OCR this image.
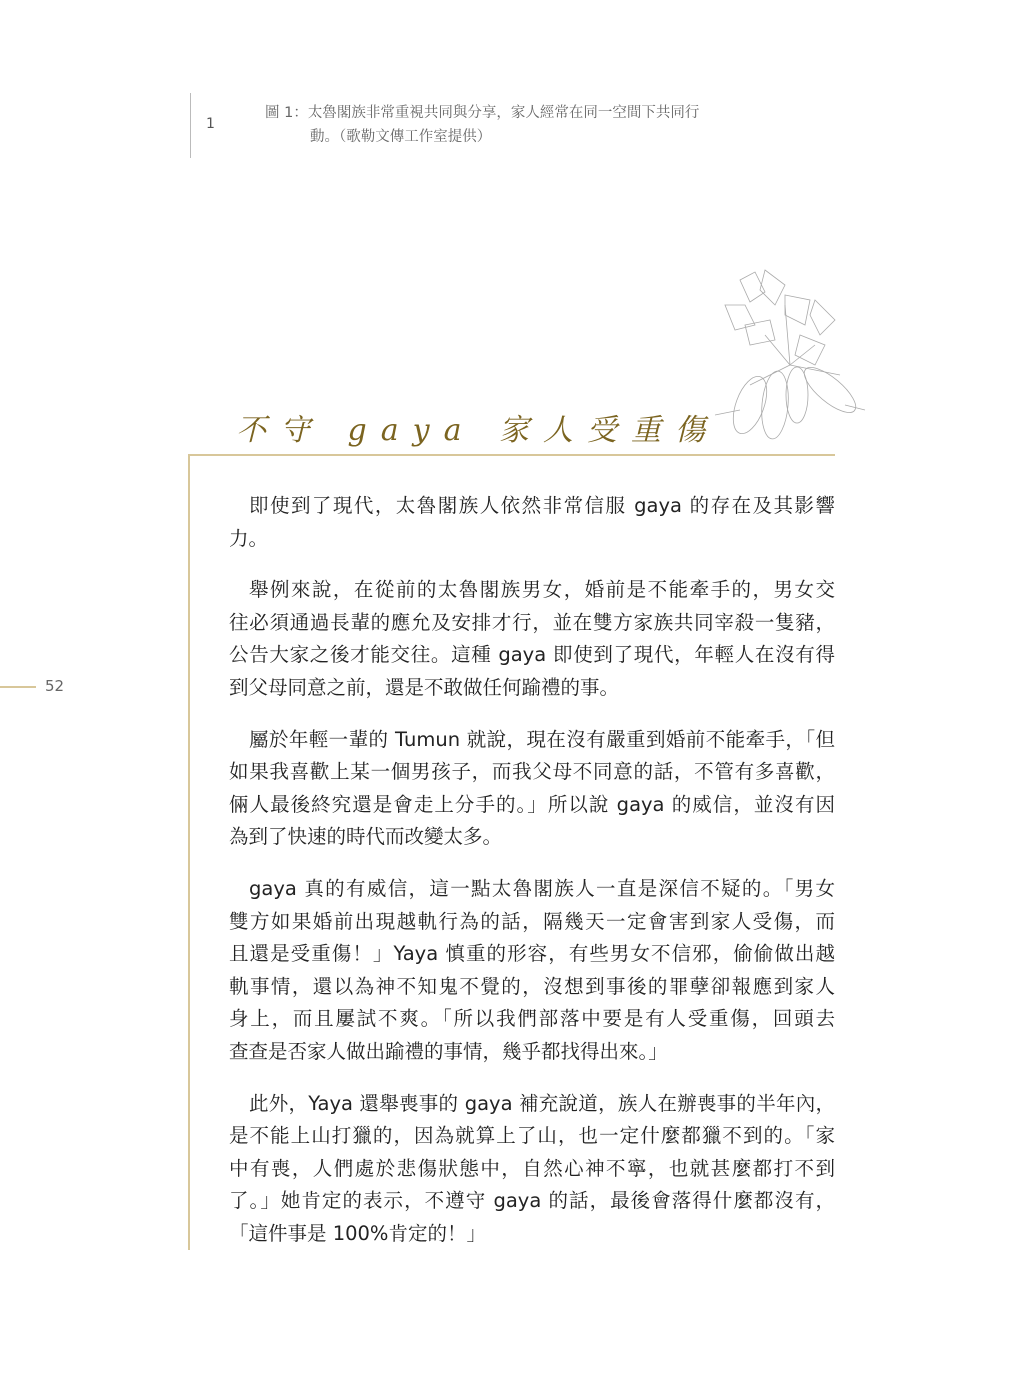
1
圖 1：太魯閣族非常重視共同與分享，家人經常在同一空間下共同行
動。（歌勒文傳工作室提供）
不守 gaya 家人受重傷
52
即使到了現代，太魯閣族人依然非常信服 gaya 的存在及其影響
力。
舉例來說，在從前的太魯閣族男女，婚前是不能牽手的，男女交
往必須通過長輩的應允及安排才行，並在雙方家族共同宰殺一隻豬，
公告大家之後才能交往。這種 gaya 即使到了現代，年輕人在沒有得
到父母同意之前，還是不敢做任何踰禮的事。
屬於年輕一輩的 Tumun 就說，現在沒有嚴重到婚前不能牽手，「但
如果我喜歡上某一個男孩子，而我父母不同意的話，不管有多喜歡，
倆人最後終究還是會走上分手的。」所以說 gaya 的威信，並沒有因
為到了快速的時代而改變太多。
gaya 真的有威信，這一點太魯閣族人一直是深信不疑的。「男女
雙方如果婚前出現越軌行為的話，隔幾天一定會害到家人受傷，而
且還是受重傷！」Yaya 慎重的形容，有些男女不信邪，偷偷做出越
軌事情，還以為神不知鬼不覺的，沒想到事後的罪孽卻報應到家人
身上，而且屢試不爽。「所以我們部落中要是有人受重傷，回頭去
查查是否家人做出踰禮的事情，幾乎都找得出來。」
此外，Yaya 還舉喪事的 gaya 補充說道，族人在辦喪事的半年內，
是不能上山打獵的，因為就算上了山，也一定什麼都獵不到的。「家
中有喪，人們處於悲傷狀態中，自然心神不寧，也就甚麼都打不到
了。」她肯定的表示，不遵守 gaya 的話，最後會落得什麼都沒有，
「這件事是 100%肯定的！」
